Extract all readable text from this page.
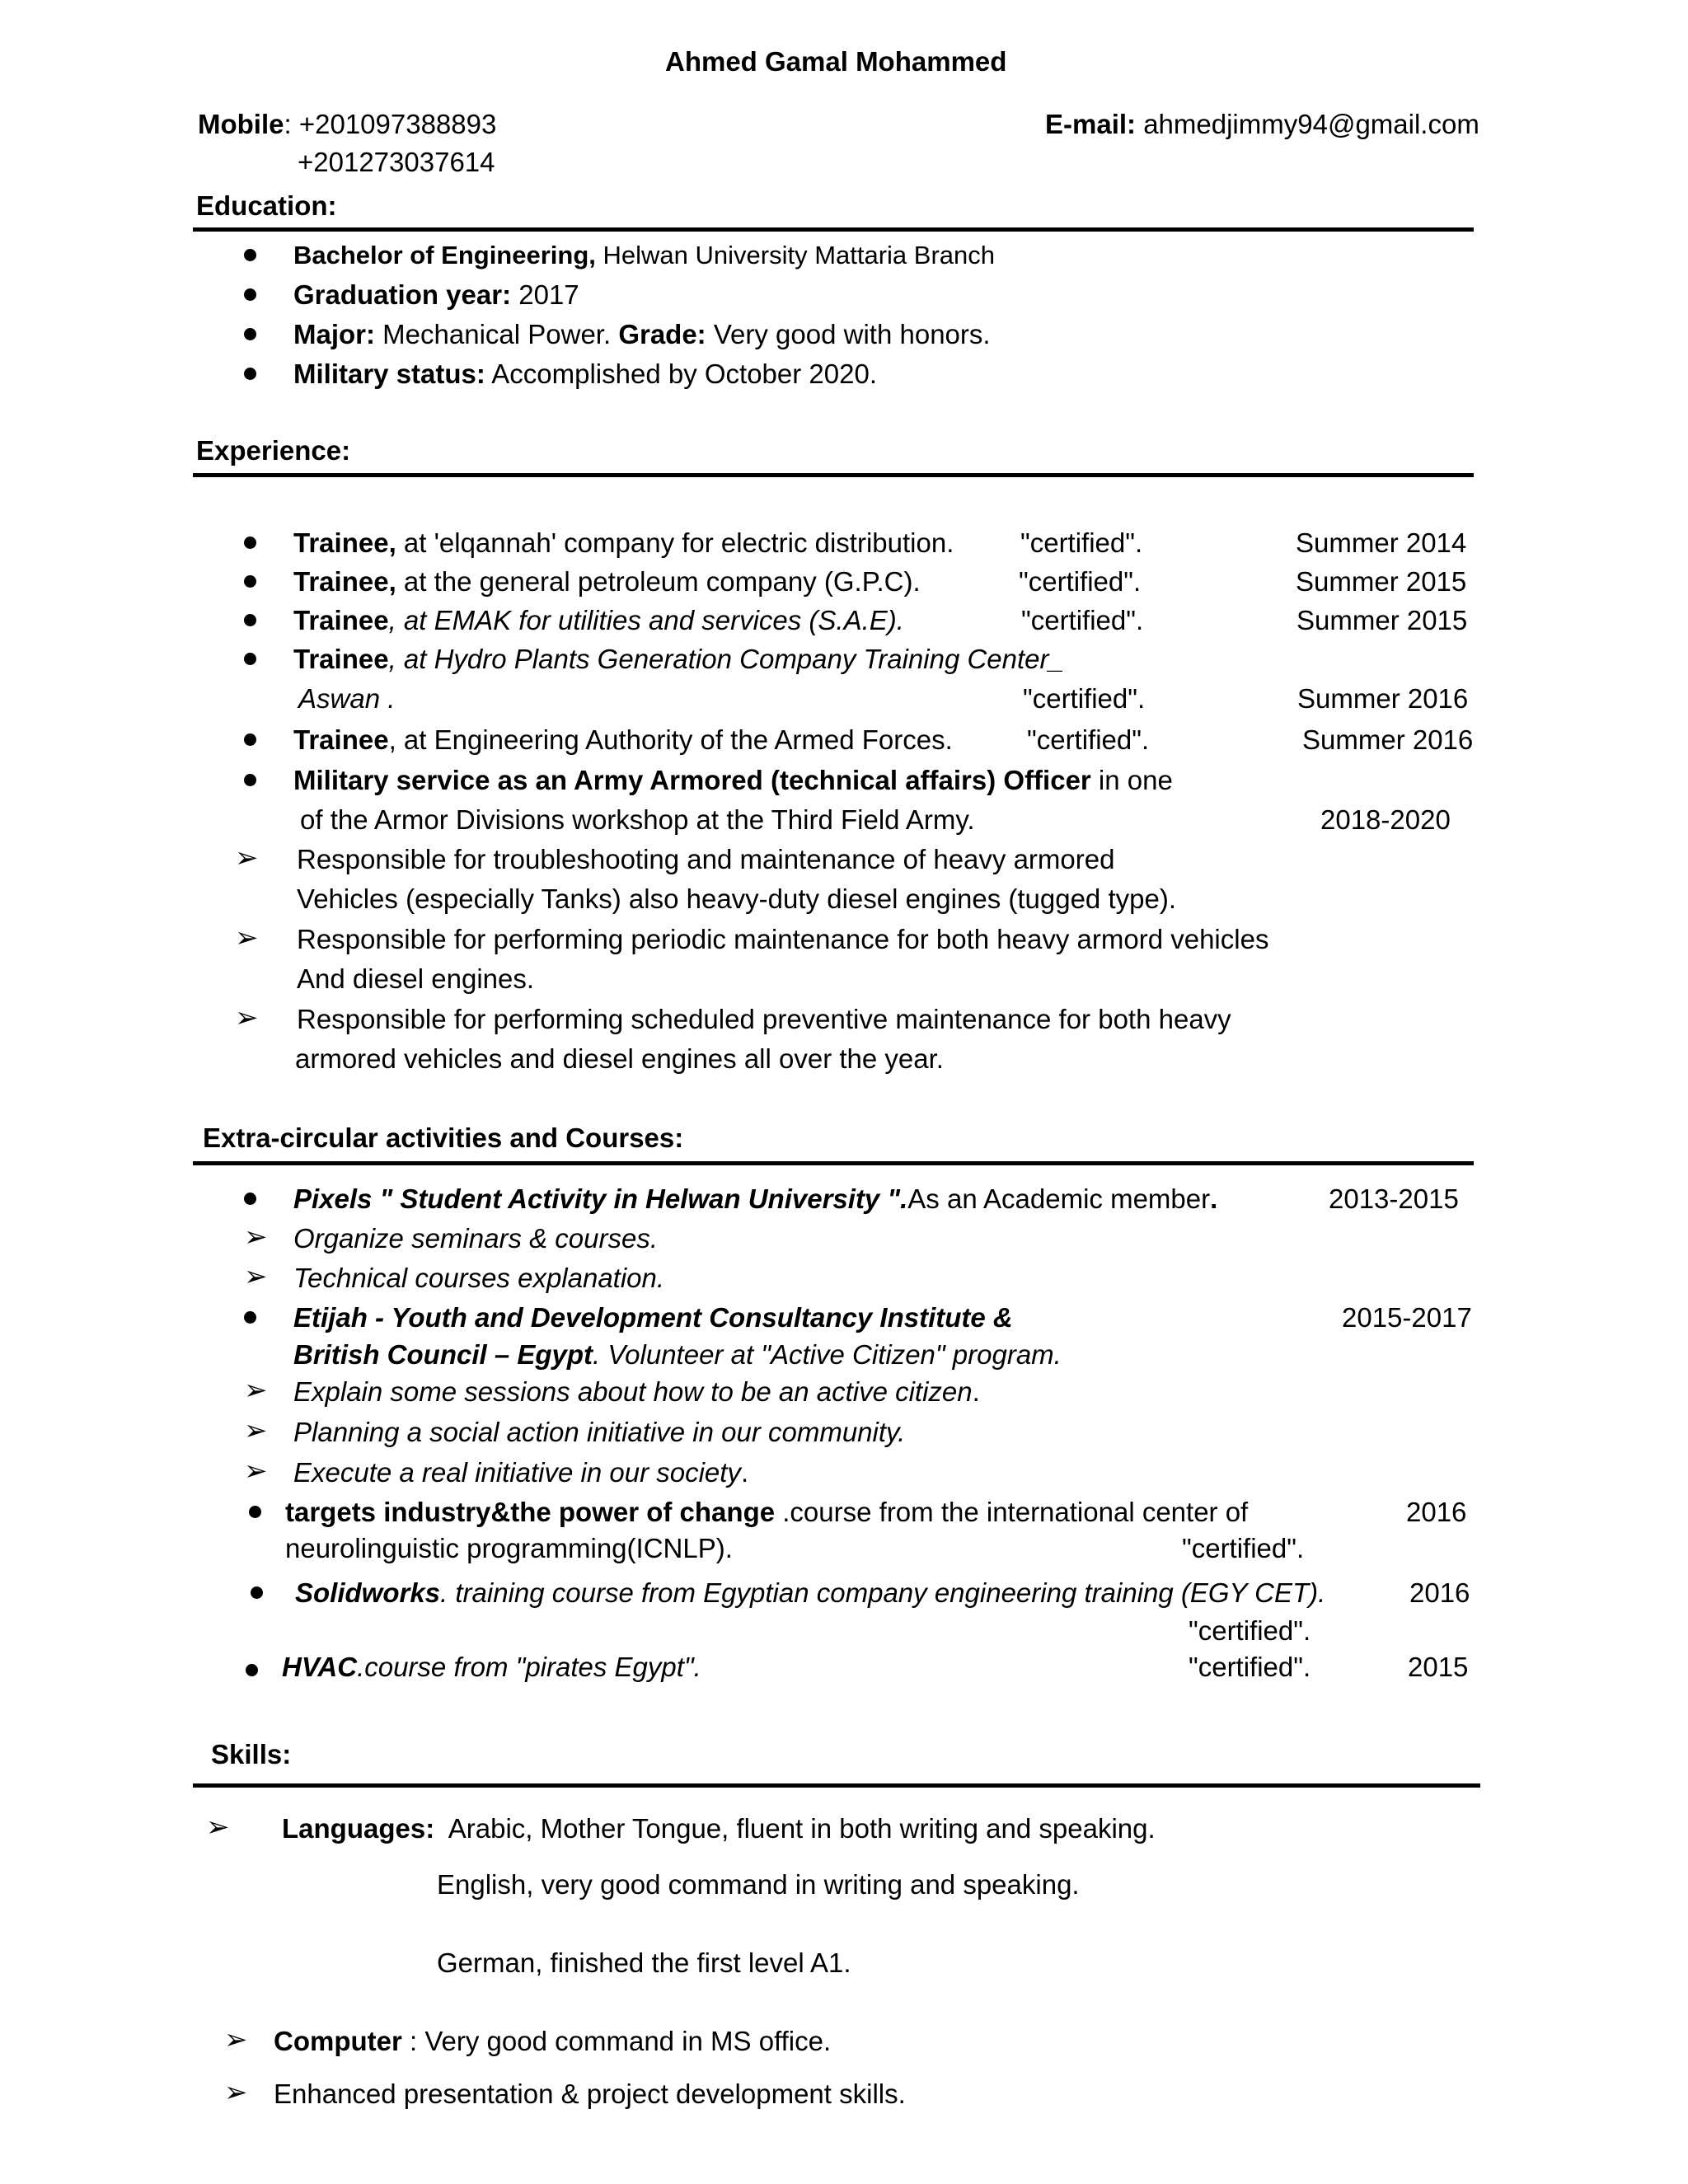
Ahmed Gamal Mohammed
Mobile: +201097388893
+201273037614
E-mail: ahmedjimmy94@gmail.com
Education:
Bachelor of Engineering, Helwan University Mattaria Branch
Graduation year: 2017
Major: Mechanical Power. Grade: Very good with honors.
Military status: Accomplished by October 2020.
Experience:
Trainee, at 'elqannah' company for electric distribution. "certified".	Summer 2014
Trainee, at the general petroleum company (G.P.C).	"certified".	Summer 2015
Trainee, at EMAK for utilities and services (S.A.E).	"certified".	Summer 2015
Trainee, at Hydro Plants Generation Company Training Center_
Aswan .	"certified".	Summer 2016
Trainee, at Engineering Authority of the Armed Forces.	"certified".	Summer 2016
Military service as an Army Armored (technical affairs) Officer in one
of the Armor Divisions workshop at the Third Field Army.	2018-2020
➢ Responsible for troubleshooting and maintenance of heavy armored
Vehicles (especially Tanks) also heavy-duty diesel engines (tugged type).
➢ Responsible for performing periodic maintenance for both heavy armord vehicles
And diesel engines.
➢ Responsible for performing scheduled preventive maintenance for both heavy
armored vehicles and diesel engines all over the year.
Extra-circular activities and Courses:
Pixels " Student Activity in Helwan University ".As an Academic member.	2013-2015
➢ Organize seminars & courses.
➢ Technical courses explanation.
Etijah - Youth and Development Consultancy Institute &	2015-2017
British Council – Egypt. Volunteer at "Active Citizen" program.
➢ Explain some sessions about how to be an active citizen.
➢ Planning a social action initiative in our community.
➢ Execute a real initiative in our society.
targets industry&the power of change .course from the international center of	2016
neurolinguistic programming(ICNLP).	"certified".
Solidworks. training course from Egyptian company engineering training (EGY CET).	2016
"certified".
HVAC.course from "pirates Egypt".	"certified".	2015
Skills:
➢ Languages: Arabic, Mother Tongue, fluent in both writing and speaking.
English, very good command in writing and speaking.
German, finished the first level A1.
➢ Computer : Very good command in MS office.
➢ Enhanced presentation & project development skills.
